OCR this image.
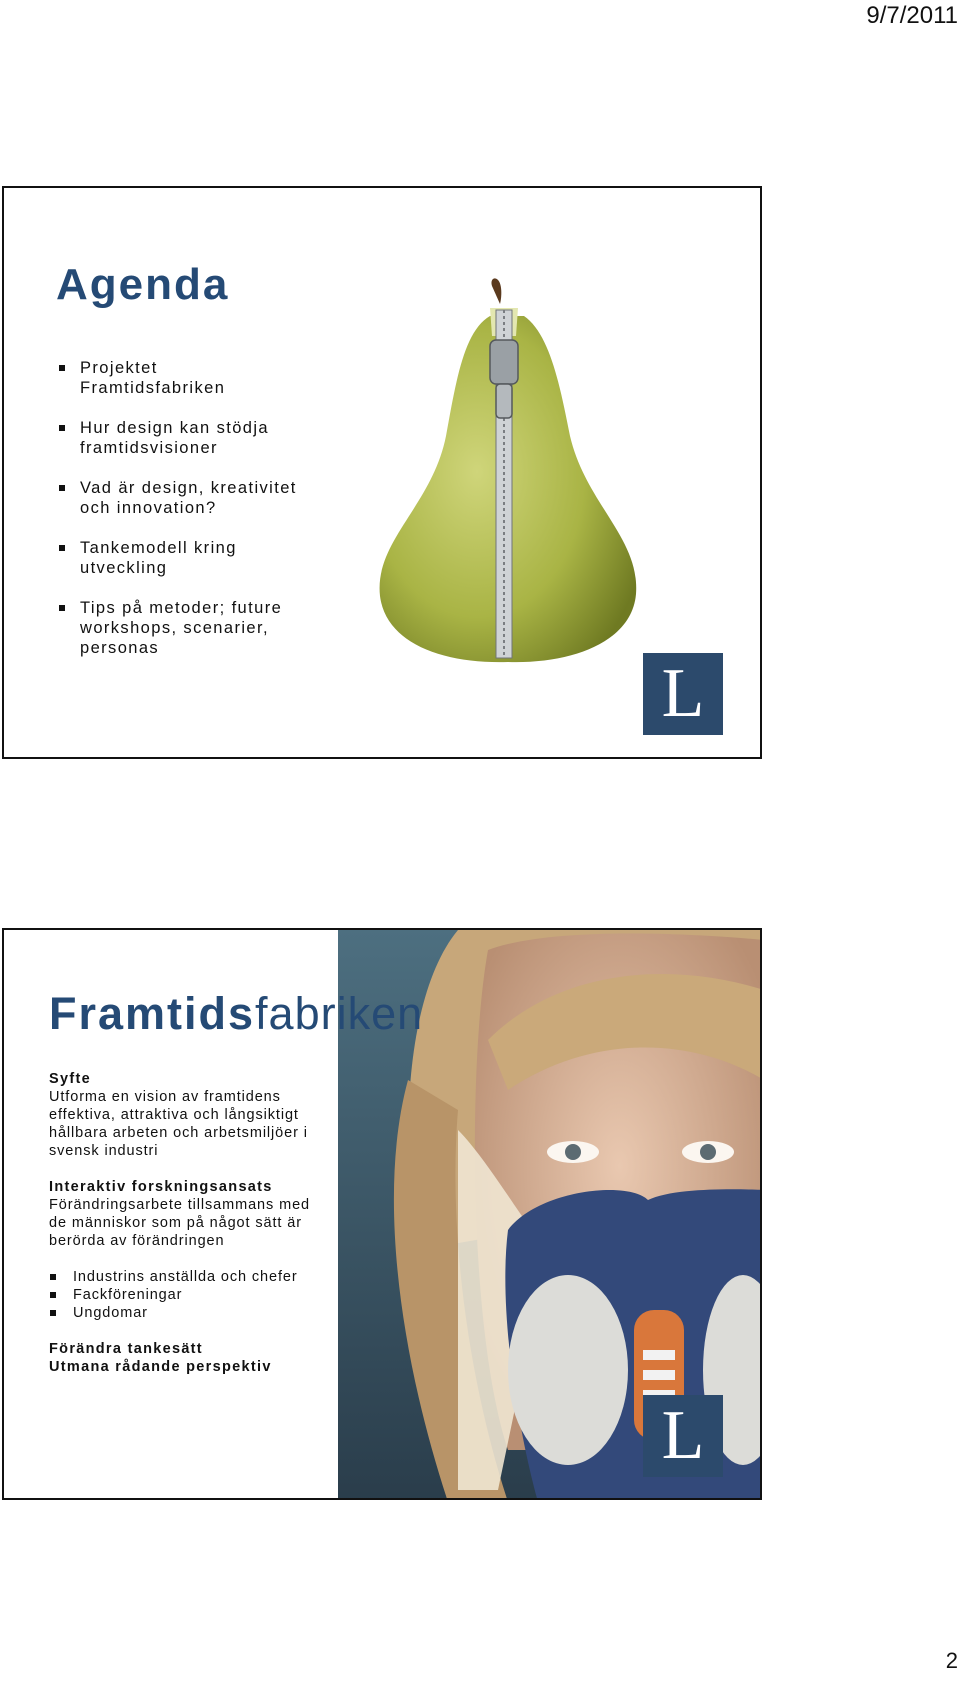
9/7/2011
Agenda
Projektet
Framtidsfabriken
Hur design kan stödja
framtidsvisioner
Vad är design, kreativitet
och innovation?
Tankemodell kring
utveckling
Tips på metoder; future
workshops, scenarier,
personas
L
Framtidsfabriken

Syfte

Utforma en vision av framtidens

effektiva, attraktiva och långsiktigt

hållbara arbeten och arbetsmiljöer i

svensk industri

Interaktiv forskningsansats

Förändringsarbete tillsammans med

de människor som på något sätt är

berörda av förändringen

Industrins anställda och chefer
Fackföreningar
Ungdomar

Förändra tankesätt

Utmana rådande perspektiv

L
2
